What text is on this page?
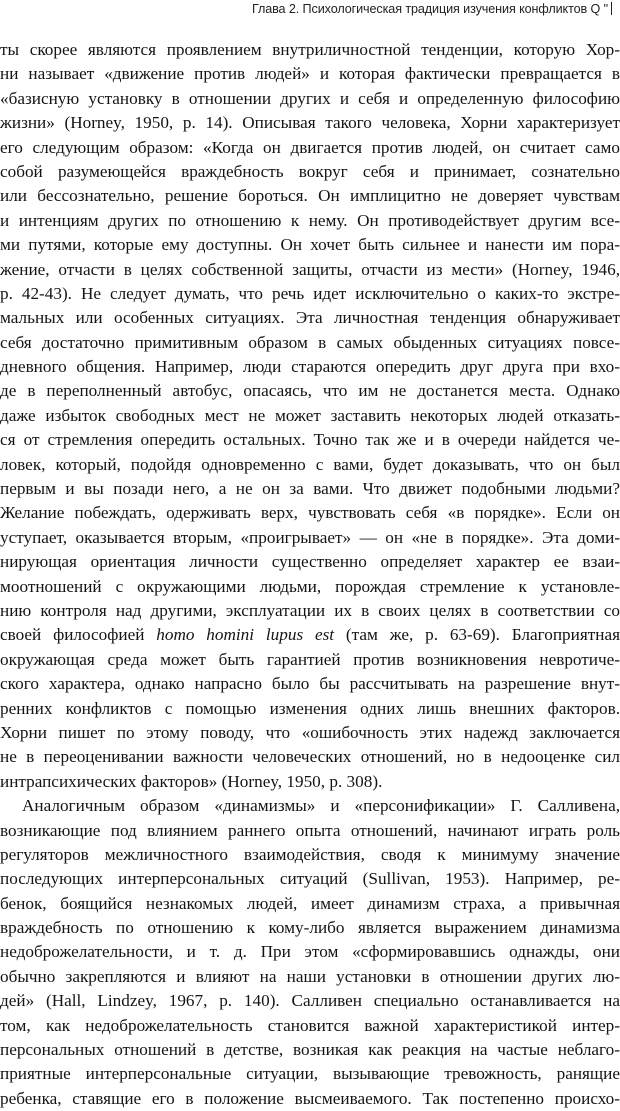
Глава 2. Психологическая традиция изучения конфликтов Q "
ты скорее являются проявлением внутриличностной тенденции, которую Хор-
ни называет «движение против людей» и которая фактически превращается в
«базисную установку в отношении других и себя и определенную философию
жизни» (Horney, 1950, p. 14). Описывая такого человека, Хорни характеризует
его следующим образом: «Когда он двигается против людей, он считает само
собой разумеющейся враждебность вокруг себя и принимает, сознательно
или бессознательно, решение бороться. Он имплицитно не доверяет чувствам
и интенциям других по отношению к нему. Он противодействует другим все-
ми путями, которые ему доступны. Он хочет быть сильнее и нанести им пора-
жение, отчасти в целях собственной защиты, отчасти из мести» (Horney, 1946,
p. 42-43). Не следует думать, что речь идет исключительно о каких-то экстре-
мальных или особенных ситуациях. Эта личностная тенденция обнаруживает
себя достаточно примитивным образом в самых обыденных ситуациях повсе-
дневного общения. Например, люди стараются опередить друг друга при вхо-
де в переполненный автобус, опасаясь, что им не достанется места. Однако
даже избыток свободных мест не может заставить некоторых людей отказать-
ся от стремления опередить остальных. Точно так же и в очереди найдется че-
ловек, который, подойдя одновременно с вами, будет доказывать, что он был
первым и вы позади него, а не он за вами. Что движет подобными людьми?
Желание побеждать, одерживать верх, чувствовать себя «в порядке». Если он
уступает, оказывается вторым, «проигрывает» — он «не в порядке». Эта доми-
нирующая ориентация личности существенно определяет характер ее взаи-
моотношений с окружающими людьми, порождая стремление к установле-
нию контроля над другими, эксплуатации их в своих целях в соответствии со
своей философией homo homini lupus est (там же, p. 63-69). Благоприятная
окружающая среда может быть гарантией против возникновения невротиче-
ского характера, однако напрасно было бы рассчитывать на разрешение внут-
ренних конфликтов с помощью изменения одних лишь внешних факторов.
Хорни пишет по этому поводу, что «ошибочность этих надежд заключается
не в переоценивании важности человеческих отношений, но в недооценке сил
интрапсихических факторов» (Horney, 1950, p. 308).
Аналогичным образом «динамизмы» и «персонификации» Г. Салливена,
возникающие под влиянием раннего опыта отношений, начинают играть роль
регуляторов межличностного взаимодействия, сводя к минимуму значение
последующих интерперсональных ситуаций (Sullivan, 1953). Например, ре-
бенок, боящийся незнакомых людей, имеет динамизм страха, а привычная
враждебность по отношению к кому-либо является выражением динамизма
недоброжелательности, и т. д. При этом «сформировавшись однажды, они
обычно закрепляются и влияют на наши установки в отношении других лю-
дей» (Hall, Lindzey, 1967, p. 140). Салливен специально останавливается на
том, как недоброжелательность становится важной характеристикой интер-
персональных отношений в детстве, возникая как реакция на частые неблаго-
приятные интерперсональные ситуации, вызывающие тревожность, ранящие
ребенка, ставящие его в положение высмеиваемого. Так постепенно происхо-
